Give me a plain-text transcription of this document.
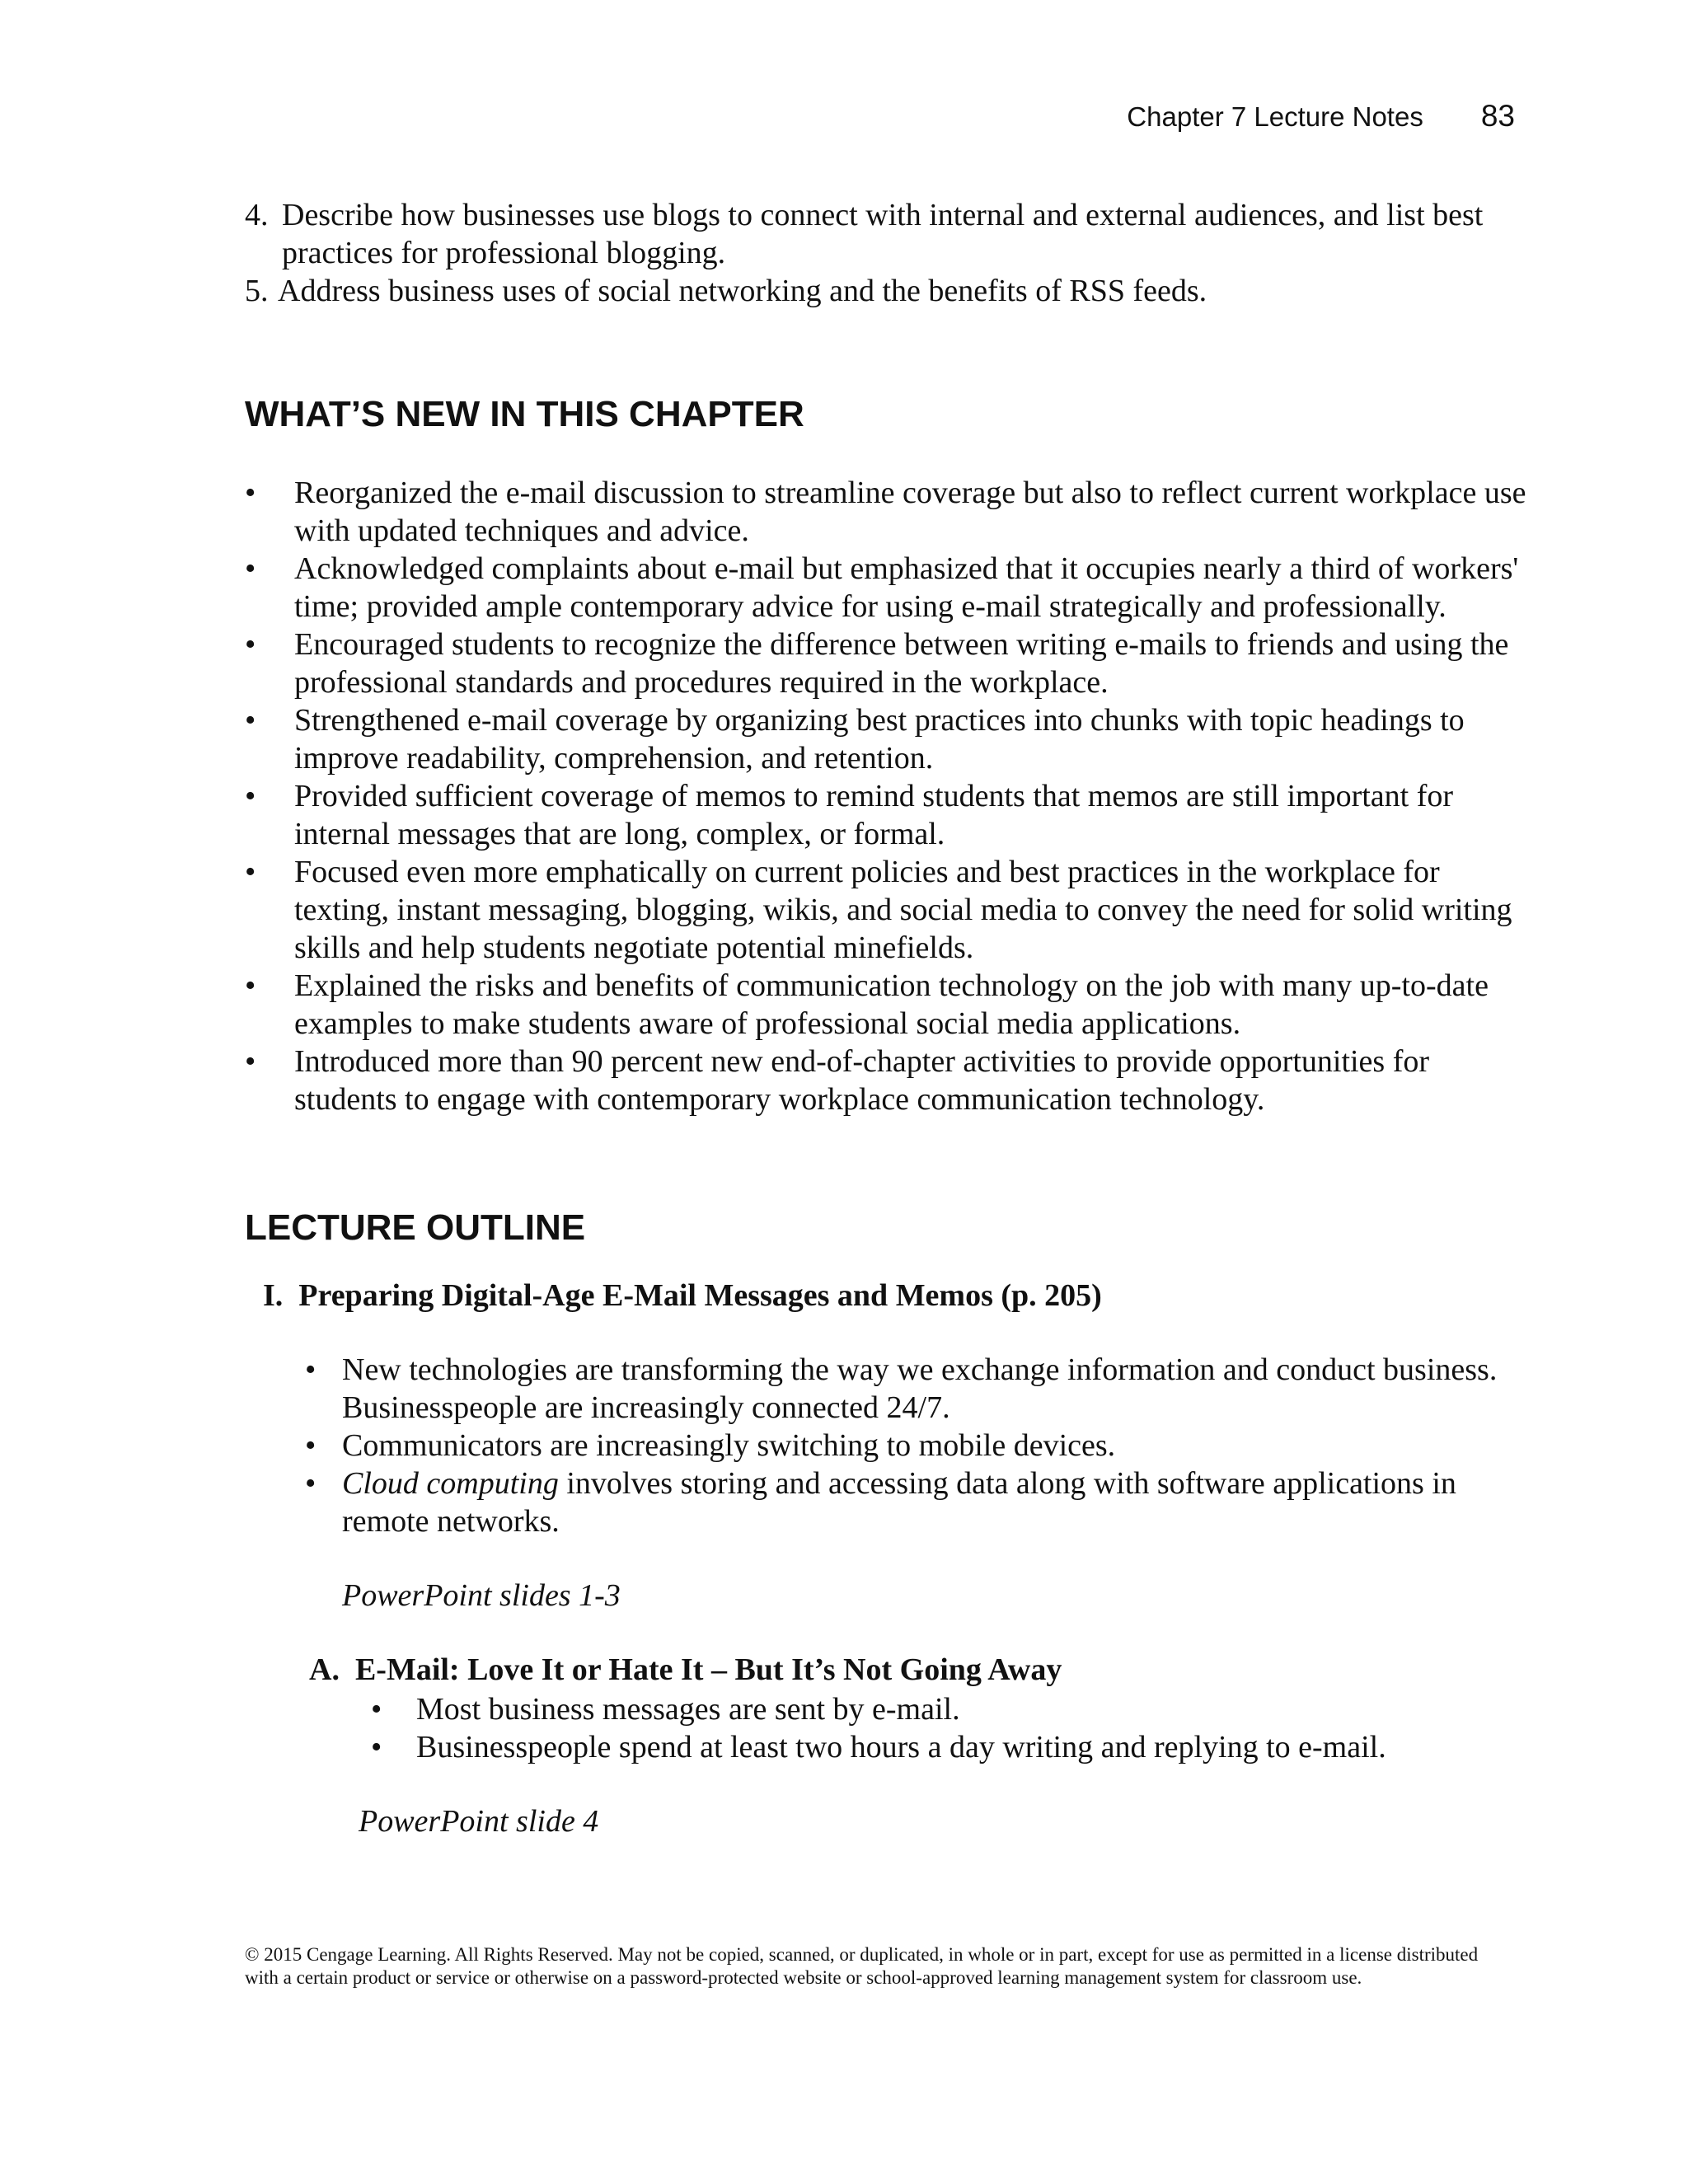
Chapter 7 Lecture Notes 83
4. Describe how businesses use blogs to connect with internal and external audiences, and list best practices for professional blogging.
5. Address business uses of social networking and the benefits of RSS feeds.
WHAT’S NEW IN THIS CHAPTER
• Reorganized the e-mail discussion to streamline coverage but also to reflect current workplace use with updated techniques and advice.
• Acknowledged complaints about e-mail but emphasized that it occupies nearly a third of workers' time; provided ample contemporary advice for using e-mail strategically and professionally.
• Encouraged students to recognize the difference between writing e-mails to friends and using the professional standards and procedures required in the workplace.
• Strengthened e-mail coverage by organizing best practices into chunks with topic headings to improve readability, comprehension, and retention.
• Provided sufficient coverage of memos to remind students that memos are still important for internal messages that are long, complex, or formal.
• Focused even more emphatically on current policies and best practices in the workplace for texting, instant messaging, blogging, wikis, and social media to convey the need for solid writing skills and help students negotiate potential minefields.
• Explained the risks and benefits of communication technology on the job with many up-to-date examples to make students aware of professional social media applications.
• Introduced more than 90 percent new end-of-chapter activities to provide opportunities for students to engage with contemporary workplace communication technology.
LECTURE OUTLINE
I. Preparing Digital-Age E-Mail Messages and Memos (p. 205)
• New technologies are transforming the way we exchange information and conduct business. Businesspeople are increasingly connected 24/7.
• Communicators are increasingly switching to mobile devices.
• Cloud computing involves storing and accessing data along with software applications in remote networks.
PowerPoint slides 1-3
A. E-Mail: Love It or Hate It – But It’s Not Going Away
• Most business messages are sent by e-mail.
• Businesspeople spend at least two hours a day writing and replying to e-mail.
PowerPoint slide 4
© 2015 Cengage Learning. All Rights Reserved. May not be copied, scanned, or duplicated, in whole or in part, except for use as permitted in a license distributed with a certain product or service or otherwise on a password-protected website or school-approved learning management system for classroom use.
